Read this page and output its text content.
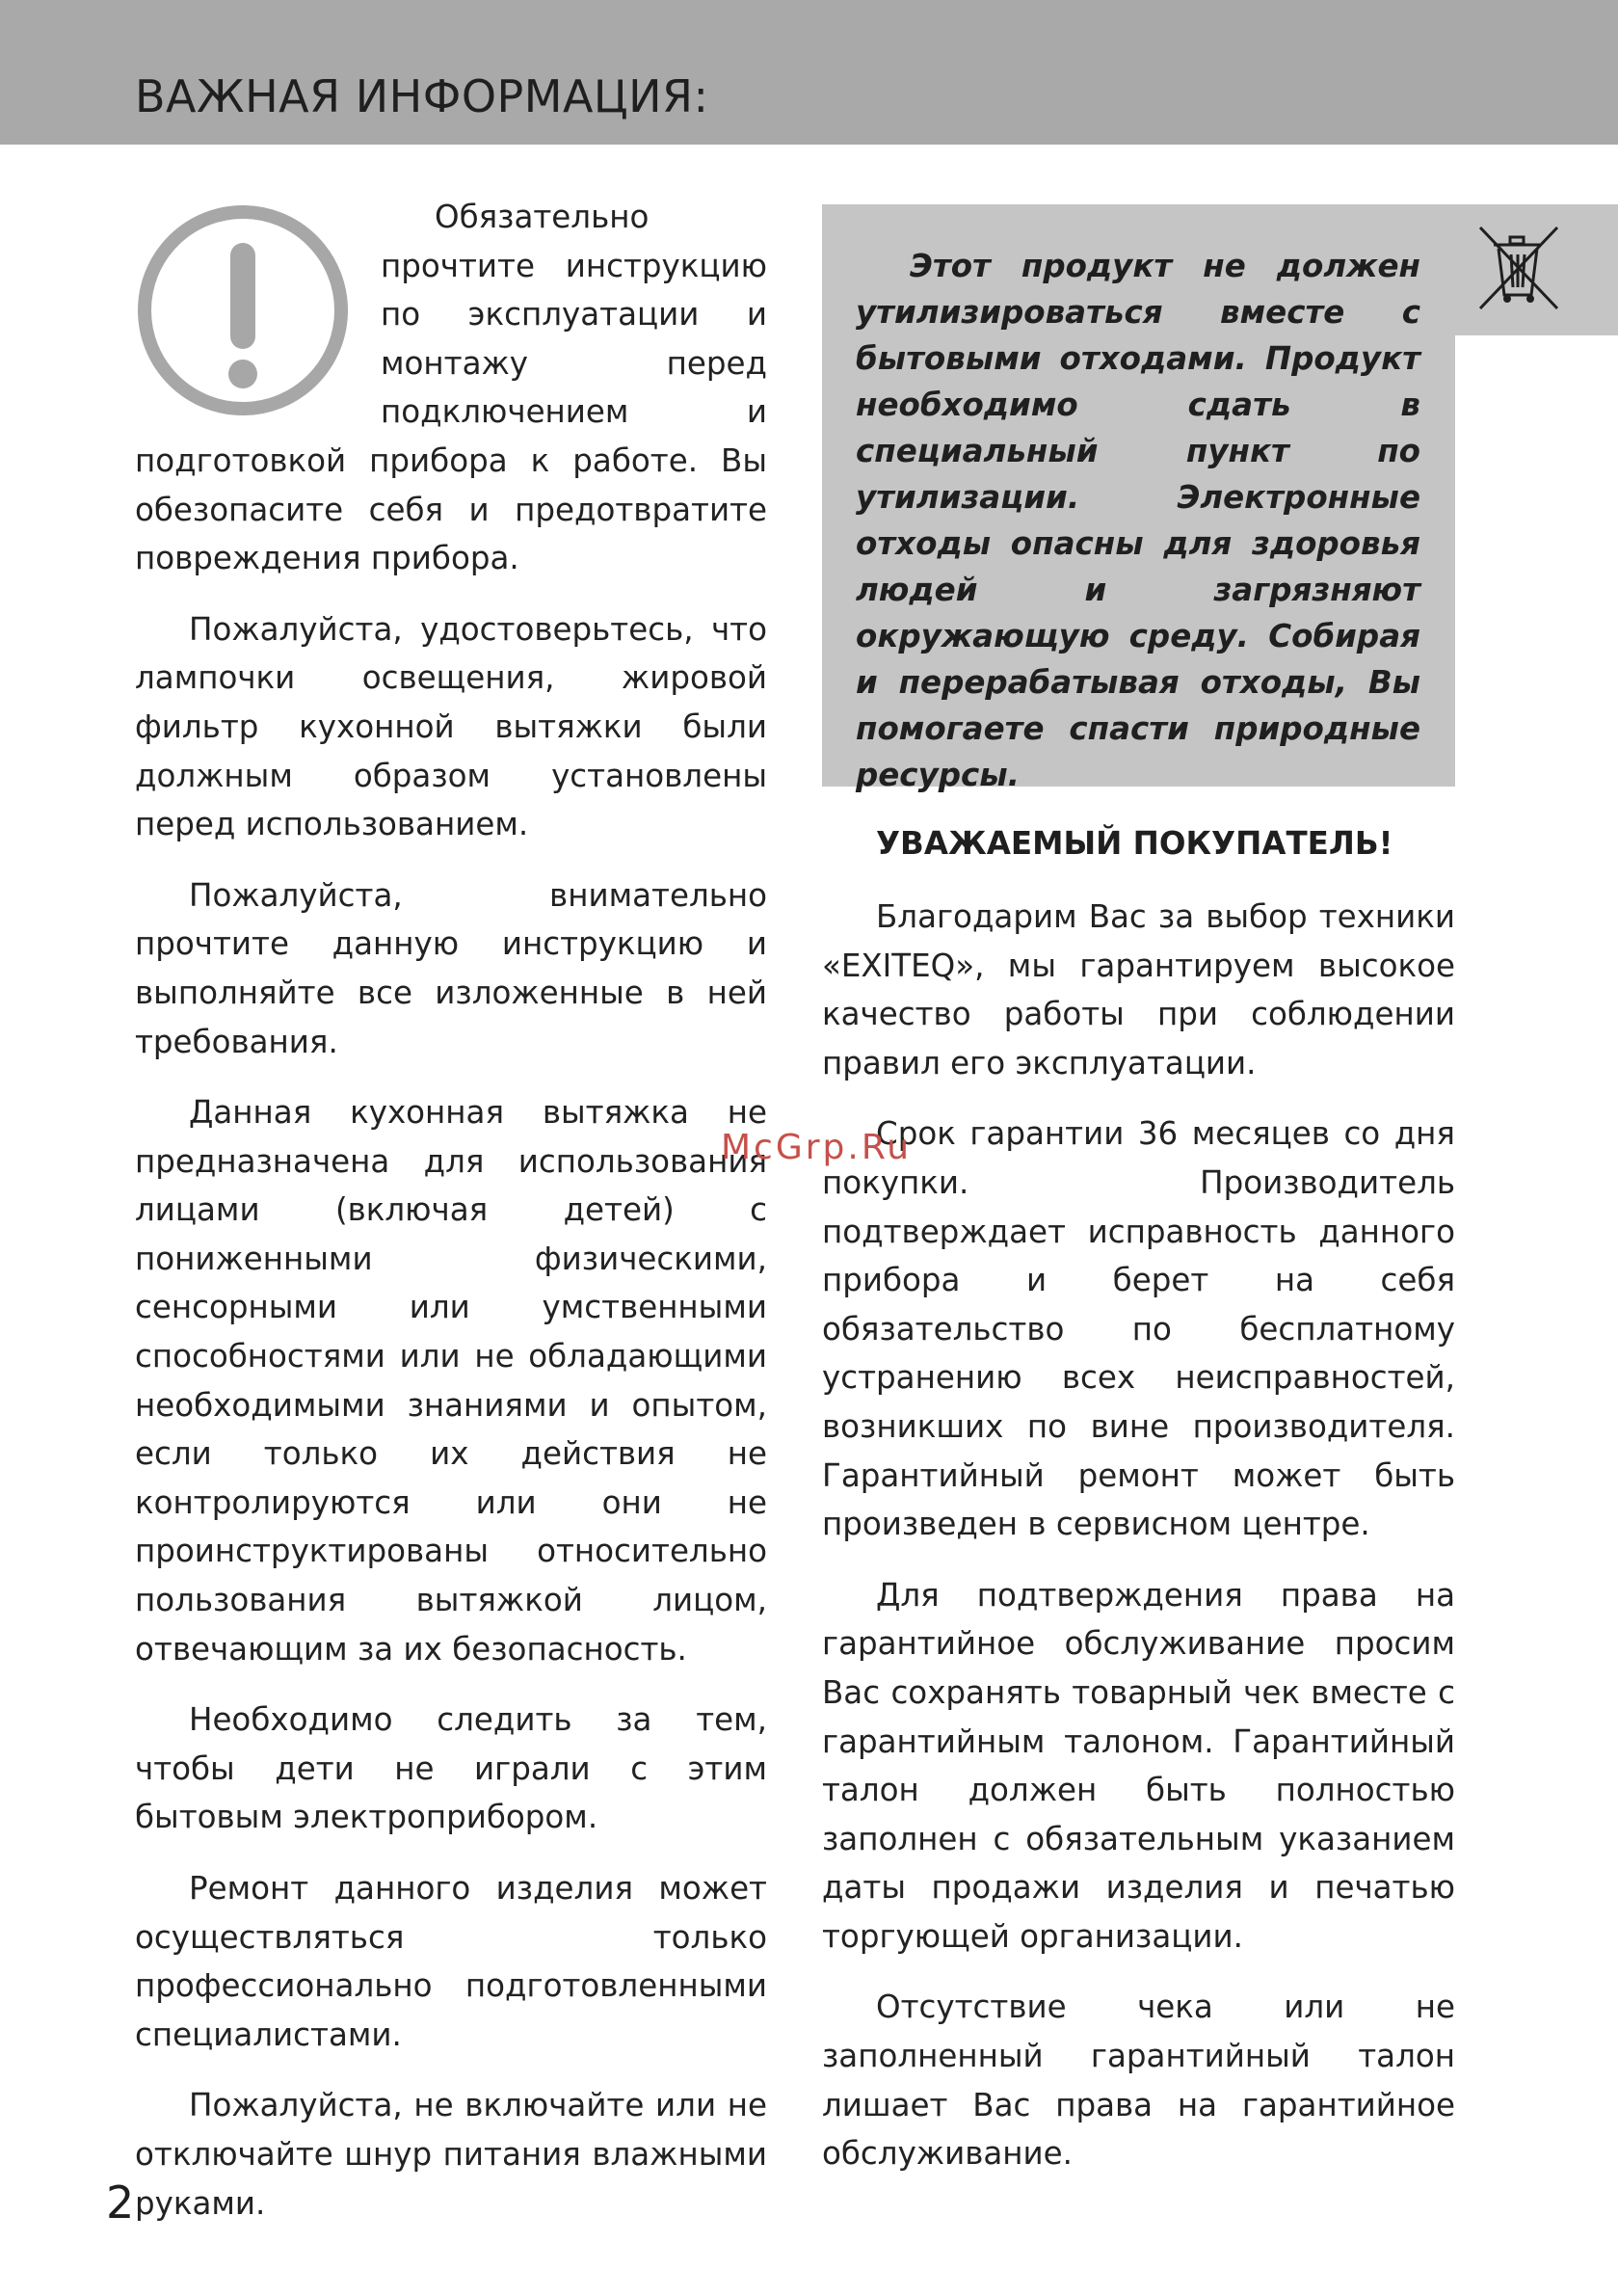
ВАЖНАЯ ИНФОРМАЦИЯ:

Обязательно прочтите инструкцию по эксплуатации и монтажу перед подключением и подготовкой прибора к работе. Вы обезопасите себя и предотвратите повреждения прибора.

Пожалуйста, удостоверьтесь, что лампочки освещения, жировой фильтр кухонной вытяжки были должным образом установлены перед использованием.

Пожалуйста, внимательно прочтите данную инструкцию и выполняйте все изложенные в ней требования.

Данная кухонная вытяжка не предназначена для использования лицами (включая детей) с пониженными физическими, сенсорными или умственными способностями или не обладающими необходимыми знаниями и опытом, если только их действия не контролируются или они не проинструктированы относительно пользования вытяжкой лицом, отвечающим за их безопасность.

Необходимо следить за тем, чтобы дети не играли с этим бытовым электроприбором.

Ремонт данного изделия может осуществляться только профессионально подготовленными специалистами.

Пожалуйста, не включайте или не отключайте шнур питания влажными руками.

Этот продукт не должен утилизироваться вместе с бытовыми отходами. Продукт необходимо сдать в специальный пункт по утилизации. Электронные отходы опасны для здоровья людей и загрязняют окружающую среду. Собирая и перерабатывая отходы, Вы помогаете спасти природные ресурсы.

УВАЖАЕМЫЙ ПОКУПАТЕЛЬ!

Благодарим Вас за выбор техники «EXITEQ», мы гарантируем высокое качество работы при соблюдении правил его эксплуатации.

Срок гарантии 36 месяцев со дня покупки. Производитель подтверждает исправность данного прибора и берет на себя обязательство по бесплатному устранению всех неисправностей, возникших по вине производителя. Гарантийный ремонт может быть произведен в сервисном центре.

Для подтверждения права на гарантийное обслуживание просим Вас сохранять товарный чек вместе с гарантийным талоном. Гарантийный талон должен быть полностью заполнен с обязательным указанием даты продажи изделия и печатью торгующей организации.

Отсутствие чека или не заполненный гарантийный талон лишает Вас права на гарантийное обслуживание.

McGrp.Ru
2
